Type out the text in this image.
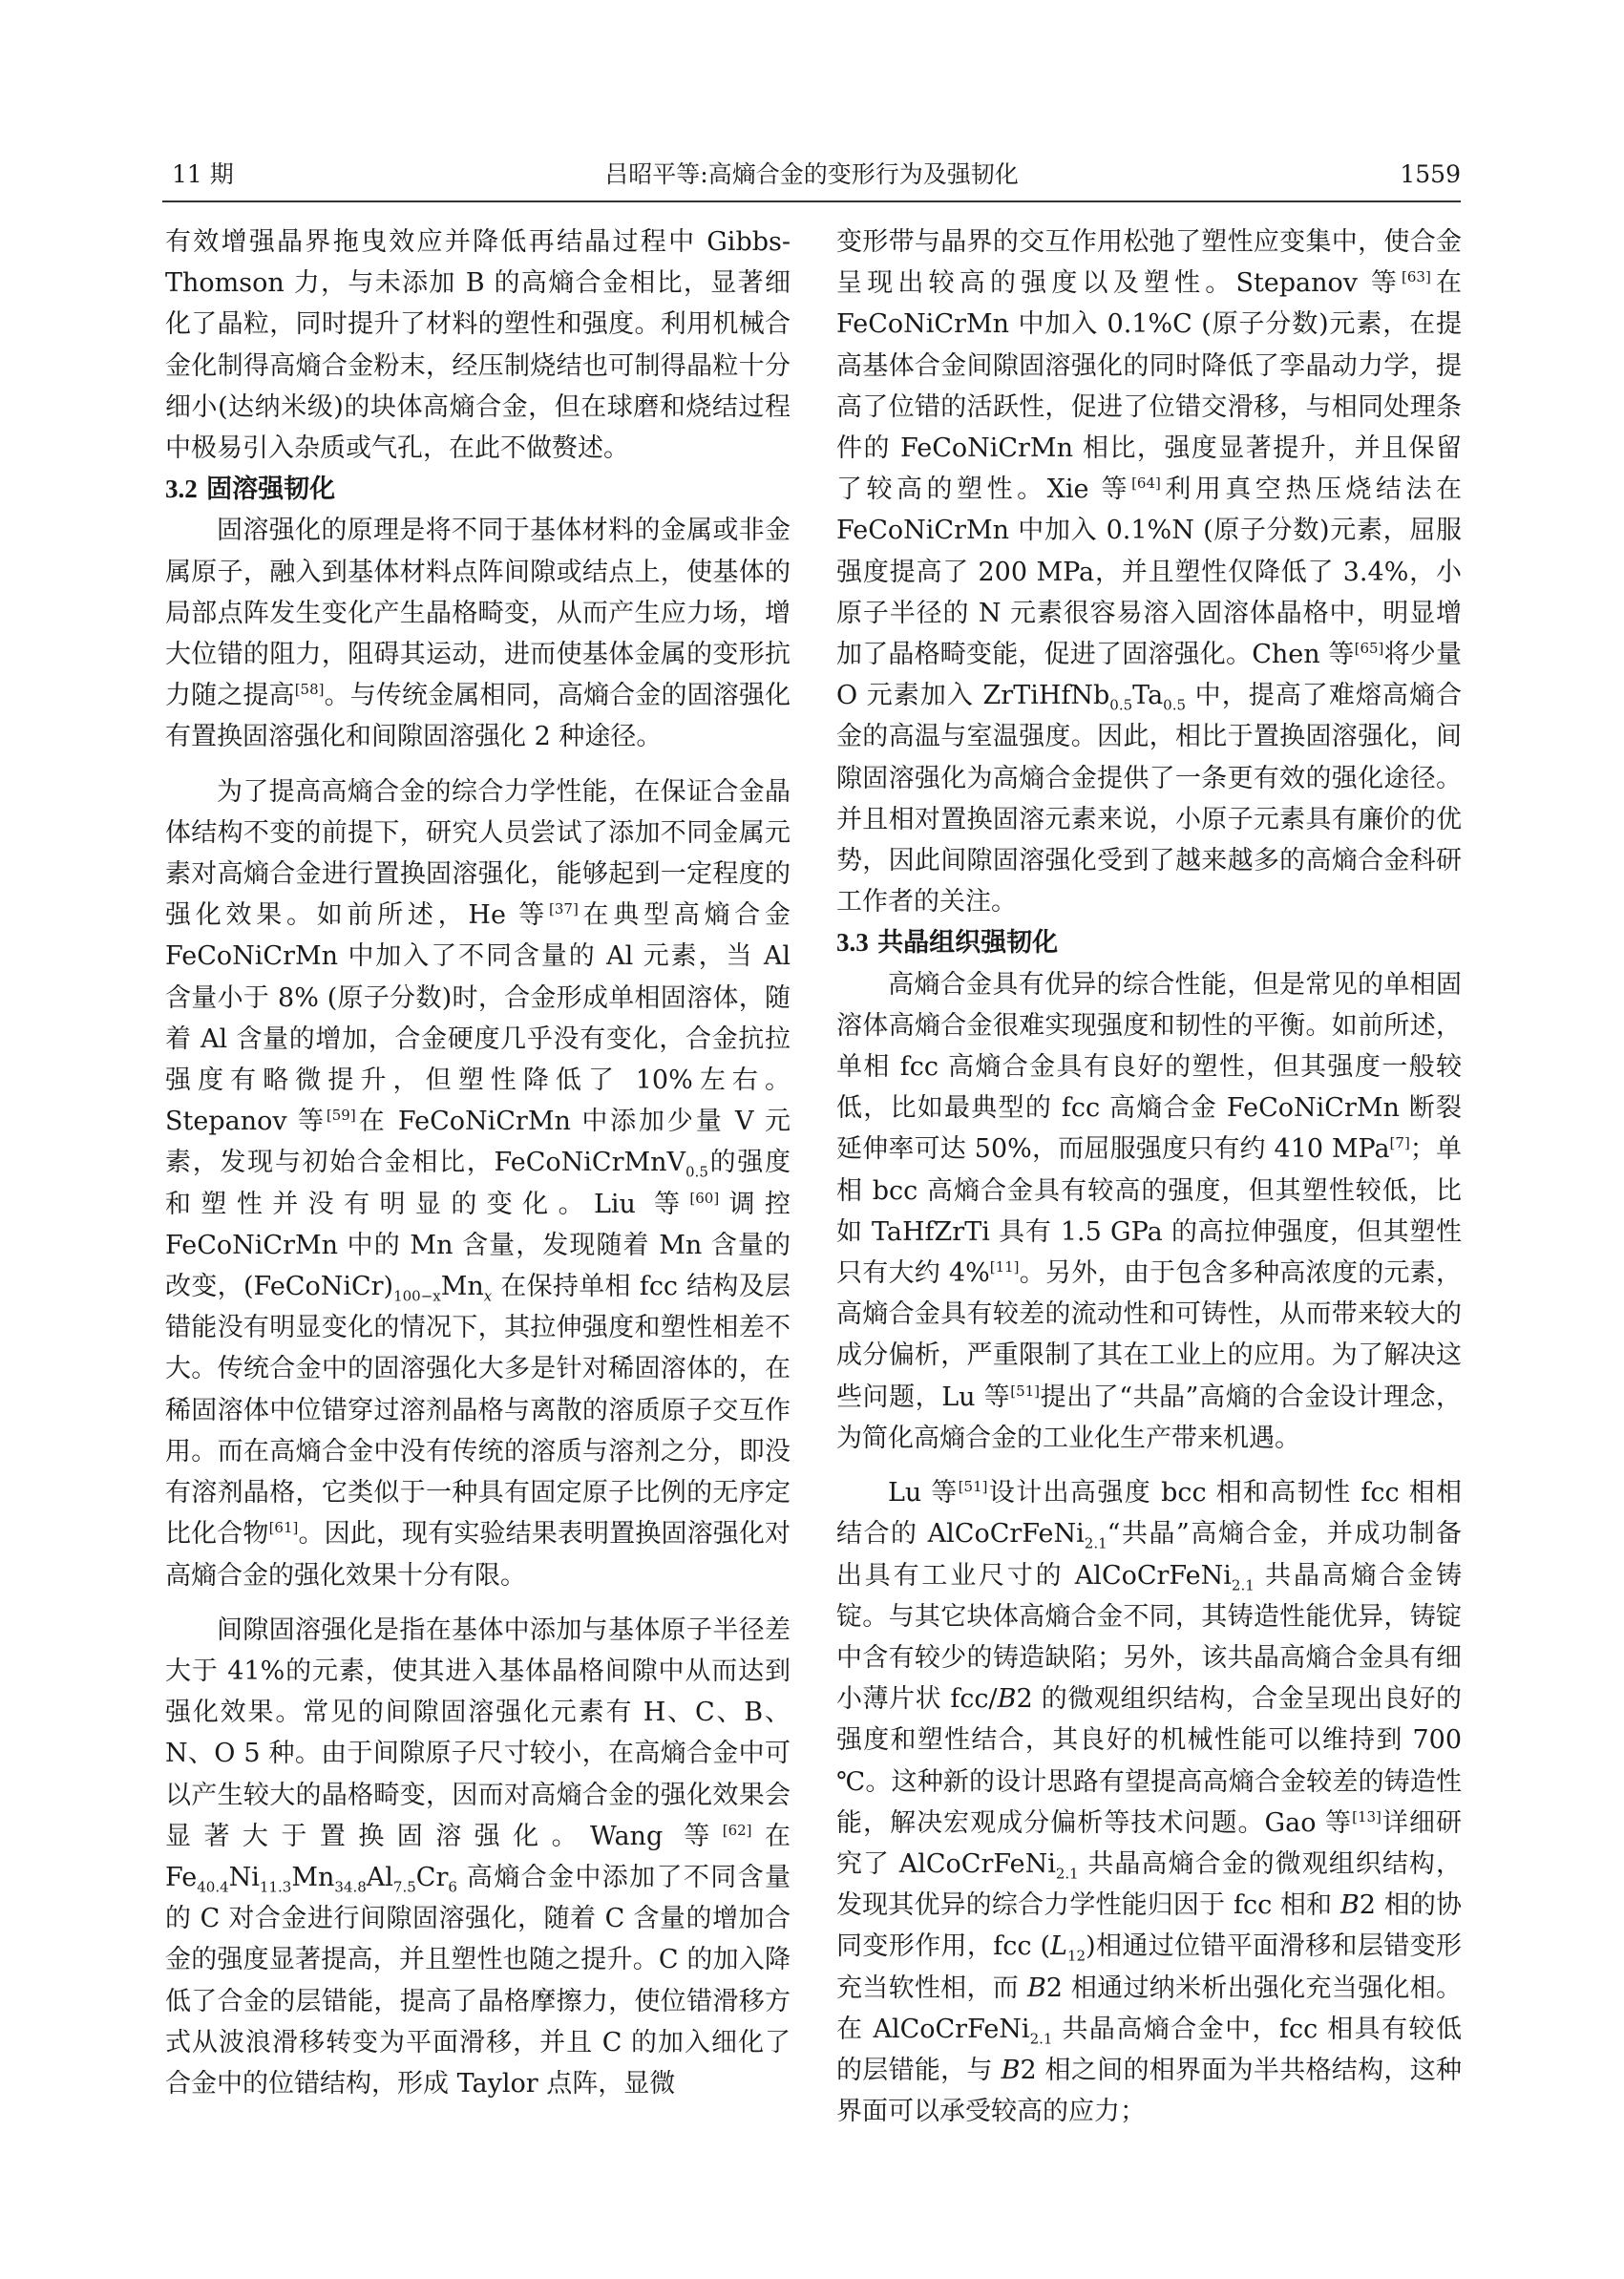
吕昭平等:高熵合金的变形行为及强韧化
11 期	1559

有效增强晶界拖曳效应并降低再结晶过程中 Gibbs-Thomson 力，与未添加 B 的高熵合金相比，显著细化了晶粒，同时提升了材料的塑性和强度。利用机械合金化制得高熵合金粉末，经压制烧结也可制得晶粒十分细小(达纳米级)的块体高熵合金，但在球磨和烧结过程中极易引入杂质或气孔，在此不做赘述。

3.2 固溶强韧化

固溶强化的原理是将不同于基体材料的金属或非金属原子，融入到基体材料点阵间隙或结点上，使基体的局部点阵发生变化产生晶格畸变，从而产生应力场，增大位错的阻力，阻碍其运动，进而使基体金属的变形抗力随之提高[58]。与传统金属相同，高熵合金的固溶强化有置换固溶强化和间隙固溶强化 2 种途径。

为了提高高熵合金的综合力学性能，在保证合金晶体结构不变的前提下，研究人员尝试了添加不同金属元素对高熵合金进行置换固溶强化，能够起到一定程度的强化效果。如前所述，He 等[37]在典型高熵合金 FeCoNiCrMn 中加入了不同含量的 Al 元素，当 Al 含量小于 8% (原子分数)时，合金形成单相固溶体，随着 Al 含量的增加，合金硬度几乎没有变化，合金抗拉强度有略微提升，但塑性降低了 10%左右。Stepanov 等[59]在 FeCoNiCrMn 中添加少量 V 元素，发现与初始合金相比，FeCoNiCrMnV$_{0.5}$的强度和塑性并没有明显的变化。Liu 等[60]调控 FeCoNiCrMn 中的 Mn 含量，发现随着 Mn 含量的改变，$(FeCoNiCr)_{100-x}Mn_x$ 在保持单相 fcc 结构及层错能没有明显变化的情况下，其拉伸强度和塑性相差不大。传统合金中的固溶强化大多是针对稀固溶体的，在稀固溶体中位错穿过溶剂晶格与离散的溶质原子交互作用。而在高熵合金中没有传统的溶质与溶剂之分，即没有溶剂晶格，它类似于一种具有固定原子比例的无序定比化合物[61]。因此，现有实验结果表明置换固溶强化对高熵合金的强化效果十分有限。

间隙固溶强化是指在基体中添加与基体原子半径差大于 41%的元素，使其进入基体晶格间隙中从而达到强化效果。常见的间隙固溶强化元素有 H、C、B、N、O 5 种。由于间隙原子尺寸较小，在高熵合金中可以产生较大的晶格畸变，因而对高熵合金的强化效果会显著大于置换固溶强化。Wang 等[62]在 $Fe_{40.4}Ni_{11.3}Mn_{34.8}Al_{7.5}Cr_6$ 高熵合金中添加了不同含量的 C 对合金进行间隙固溶强化，随着 C 含量的增加合金的强度显著提高，并且塑性也随之提升。C 的加入降低了合金的层错能，提高了晶格摩擦力，使位错滑移方式从波浪滑移转变为平面滑移，并且 C 的加入细化了合金中的位错结构，形成 Taylor 点阵，显微

变形带与晶界的交互作用松弛了塑性应变集中，使合金呈现出较高的强度以及塑性。Stepanov 等[63]在 FeCoNiCrMn 中加入 0.1%C (原子分数)元素，在提高基体合金间隙固溶强化的同时降低了孪晶动力学，提高了位错的活跃性，促进了位错交滑移，与相同处理条件的 FeCoNiCrMn 相比，强度显著提升，并且保留了较高的塑性。Xie 等[64]利用真空热压烧结法在 FeCoNiCrMn 中加入 0.1%N (原子分数)元素，屈服强度提高了 200 MPa，并且塑性仅降低了 3.4%，小原子半径的 N 元素很容易溶入固溶体晶格中，明显增加了晶格畸变能，促进了固溶强化。Chen 等[65]将少量 O 元素加入 $ZrTiHfNb_{0.5}Ta_{0.5}$ 中，提高了难熔高熵合金的高温与室温强度。因此，相比于置换固溶强化，间隙固溶强化为高熵合金提供了一条更有效的强化途径。并且相对置换固溶元素来说，小原子元素具有廉价的优势，因此间隙固溶强化受到了越来越多的高熵合金科研工作者的关注。

3.3 共晶组织强韧化

高熵合金具有优异的综合性能，但是常见的单相固溶体高熵合金很难实现强度和韧性的平衡。如前所述，单相 fcc 高熵合金具有良好的塑性，但其强度一般较低，比如最典型的 fcc 高熵合金 FeCoNiCrMn 断裂延伸率可达 50%，而屈服强度只有约 410 MPa[7]；单相 bcc 高熵合金具有较高的强度，但其塑性较低，比如 TaHfZrTi 具有 1.5 GPa 的高拉伸强度，但其塑性只有大约 4%[11]。另外，由于包含多种高浓度的元素，高熵合金具有较差的流动性和可铸性，从而带来较大的成分偏析，严重限制了其在工业上的应用。为了解决这些问题，Lu 等[51]提出了“共晶”高熵的合金设计理念，为简化高熵合金的工业化生产带来机遇。

Lu 等[51]设计出高强度 bcc 相和高韧性 fcc 相相结合的 AlCoCrFeNi$_{2.1}$“共晶”高熵合金，并成功制备出具有工业尺寸的 AlCoCrFeNi$_{2.1}$ 共晶高熵合金铸锭。与其它块体高熵合金不同，其铸造性能优异，铸锭中含有较少的铸造缺陷；另外，该共晶高熵合金具有细小薄片状 fcc/B2 的微观组织结构，合金呈现出良好的强度和塑性结合，其良好的机械性能可以维持到 700 ℃。这种新的设计思路有望提高高熵合金较差的铸造性能，解决宏观成分偏析等技术问题。Gao 等[13]详细研究了 AlCoCrFeNi$_{2.1}$ 共晶高熵合金的微观组织结构，发现其优异的综合力学性能归因于 fcc 相和 B2 相的协同变形作用，fcc $(L_{12})$相通过位错平面滑移和层错变形充当软性相，而 B2 相通过纳米析出强化充当强化相。在 AlCoCrFeNi$_{2.1}$ 共晶高熵合金中，fcc 相具有较低的层错能，与 B2 相之间的相界面为半共格结构，这种界面可以承受较高的应力；
